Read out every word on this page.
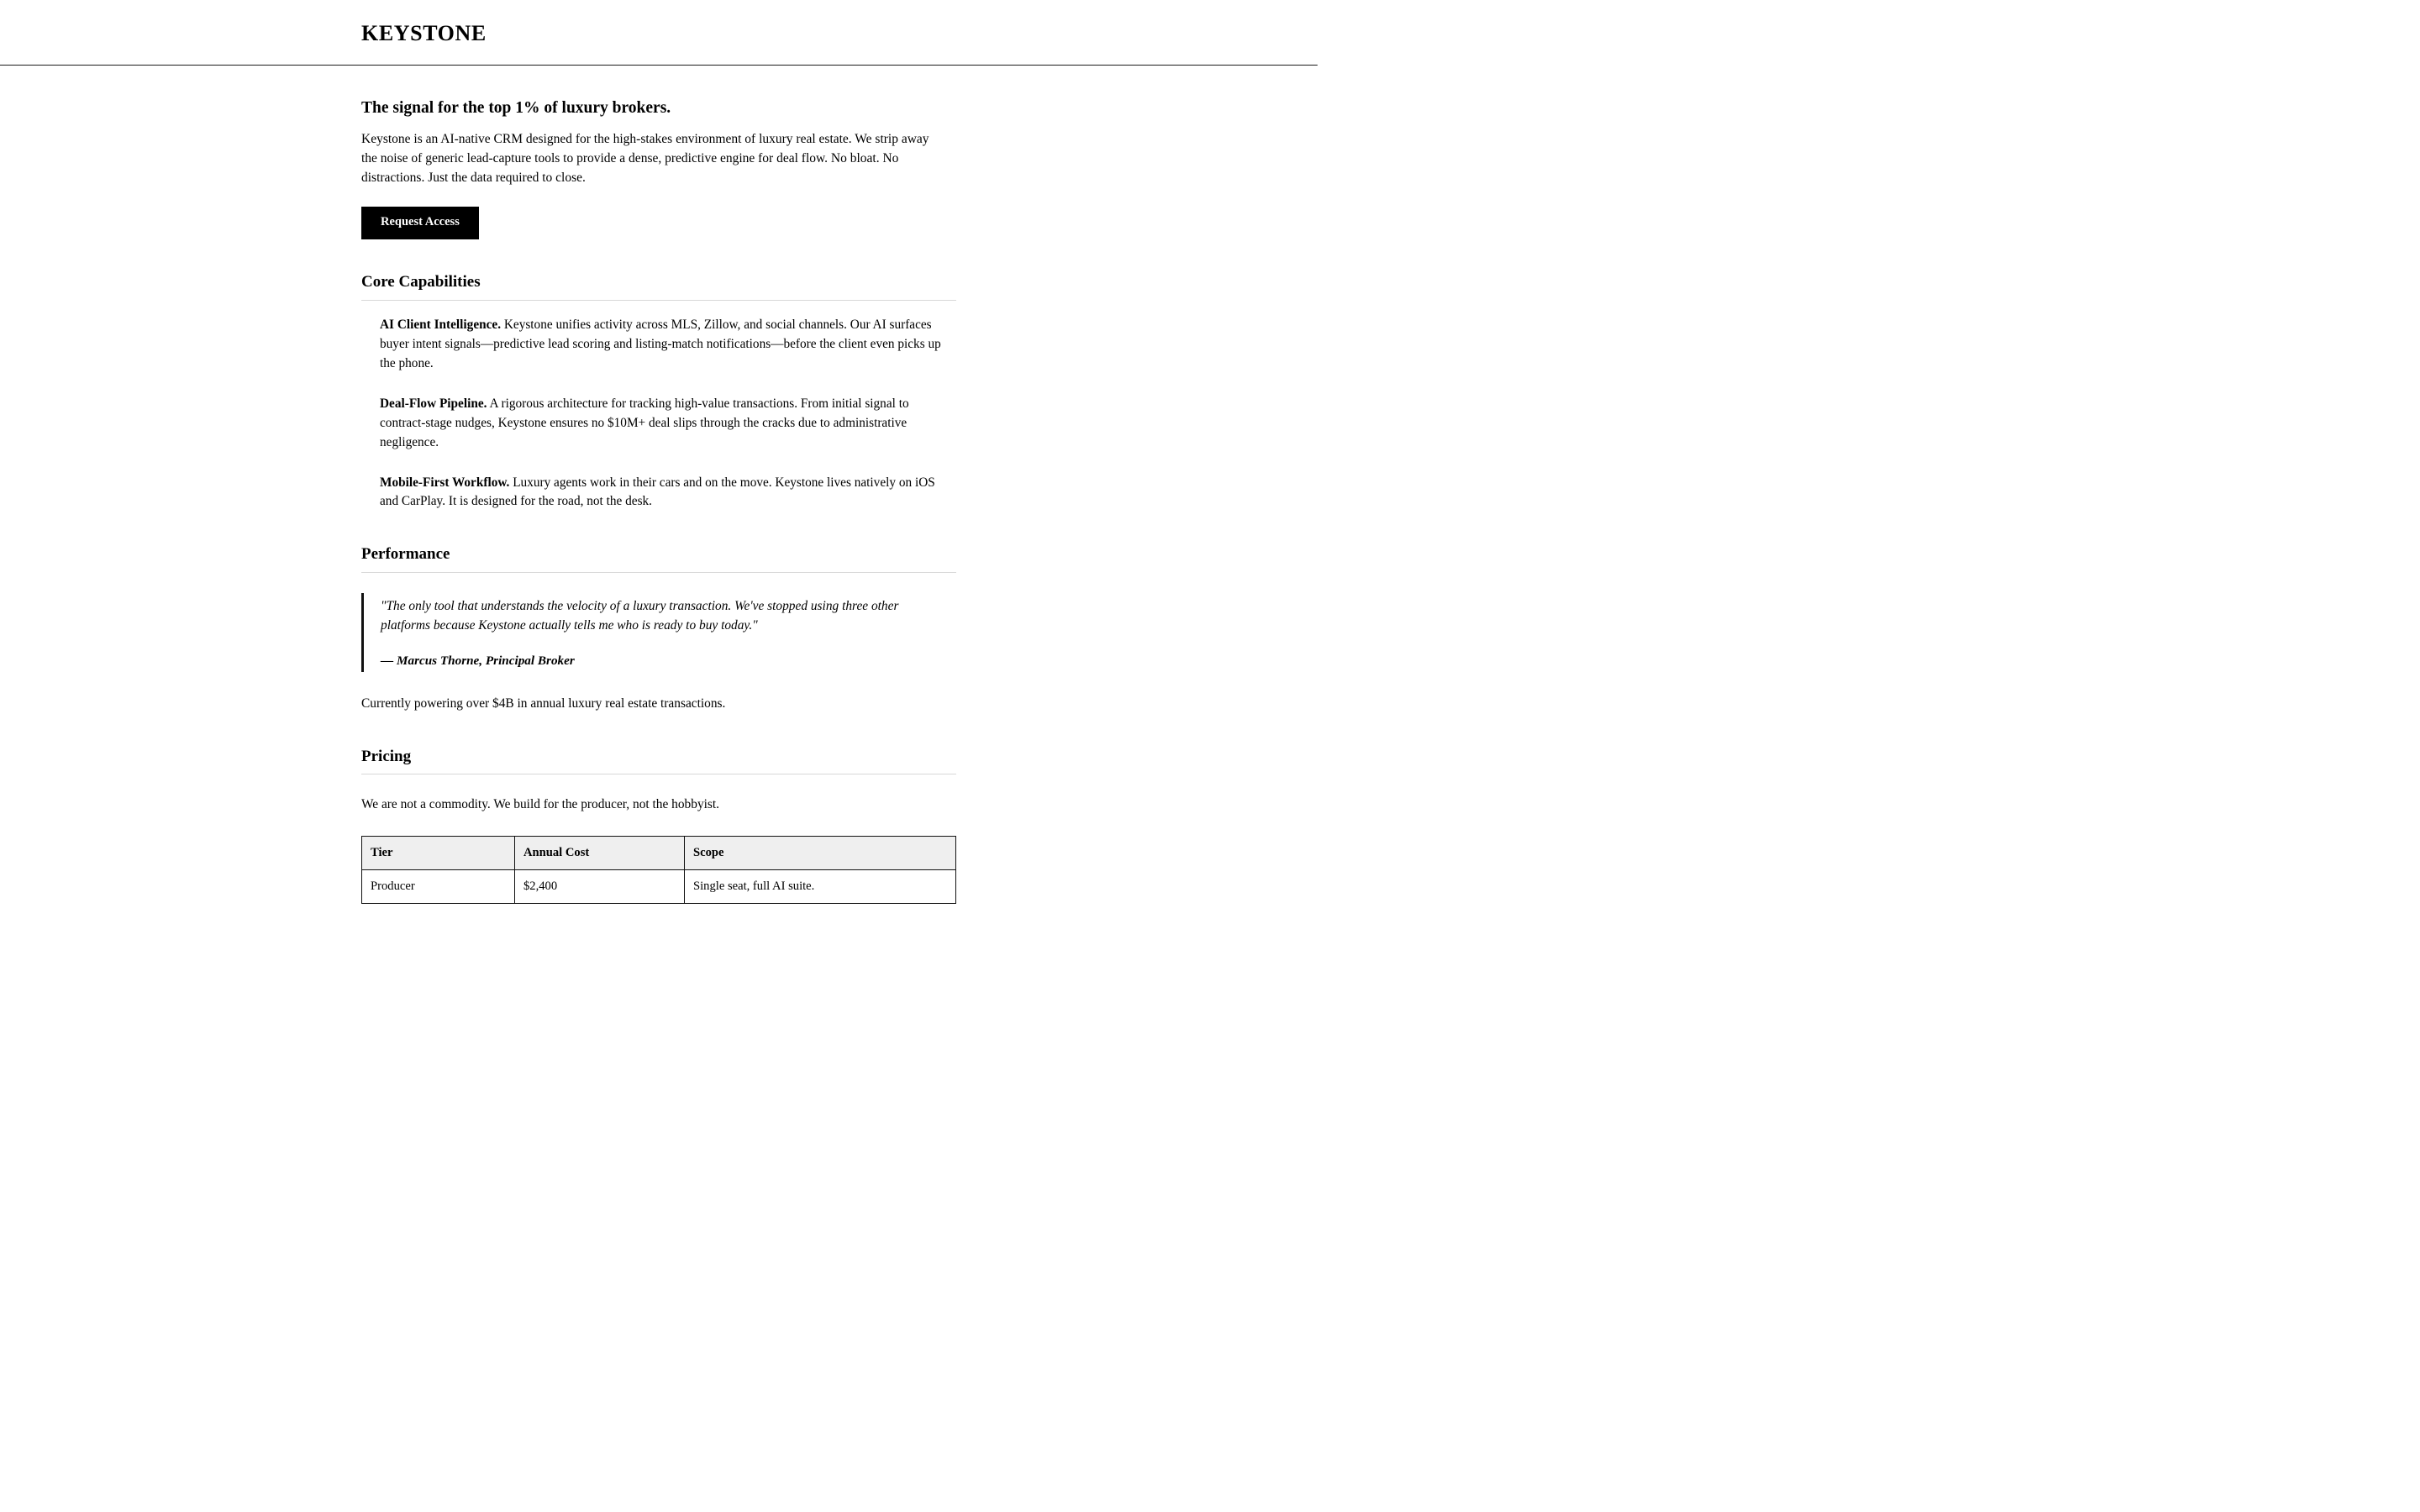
KEYSTONE
The signal for the top 1% of luxury brokers.

Keystone is an AI-native CRM designed for the high-stakes environment of luxury real estate. We strip away the noise of generic lead-capture tools to provide a dense, predictive engine for deal flow. No bloat. No distractions. Just the data required to close.

Request Access
Core Capabilities

AI Client Intelligence. Keystone unifies activity across MLS, Zillow, and social channels. Our AI surfaces buyer intent signals—predictive lead scoring and listing-match notifications—before the client even picks up the phone.

Deal-Flow Pipeline. A rigorous architecture for tracking high-value transactions. From initial signal to contract-stage nudges, Keystone ensures no $10M+ deal slips through the cracks due to administrative negligence.

Mobile-First Workflow. Luxury agents work in their cars and on the move. Keystone lives natively on iOS and CarPlay. It is designed for the road, not the desk.

Performance

"The only tool that understands the velocity of a luxury transaction. We've stopped using three other platforms because Keystone actually tells me who is ready to buy today."

— Marcus Thorne, Principal Broker

Currently powering over $4B in annual luxury real estate transactions.

Pricing

We are not a commodity. We build for the producer, not the hobbyist.

Tier	Annual Cost	Scope
Producer	$2,400	Single seat, full AI suite.
